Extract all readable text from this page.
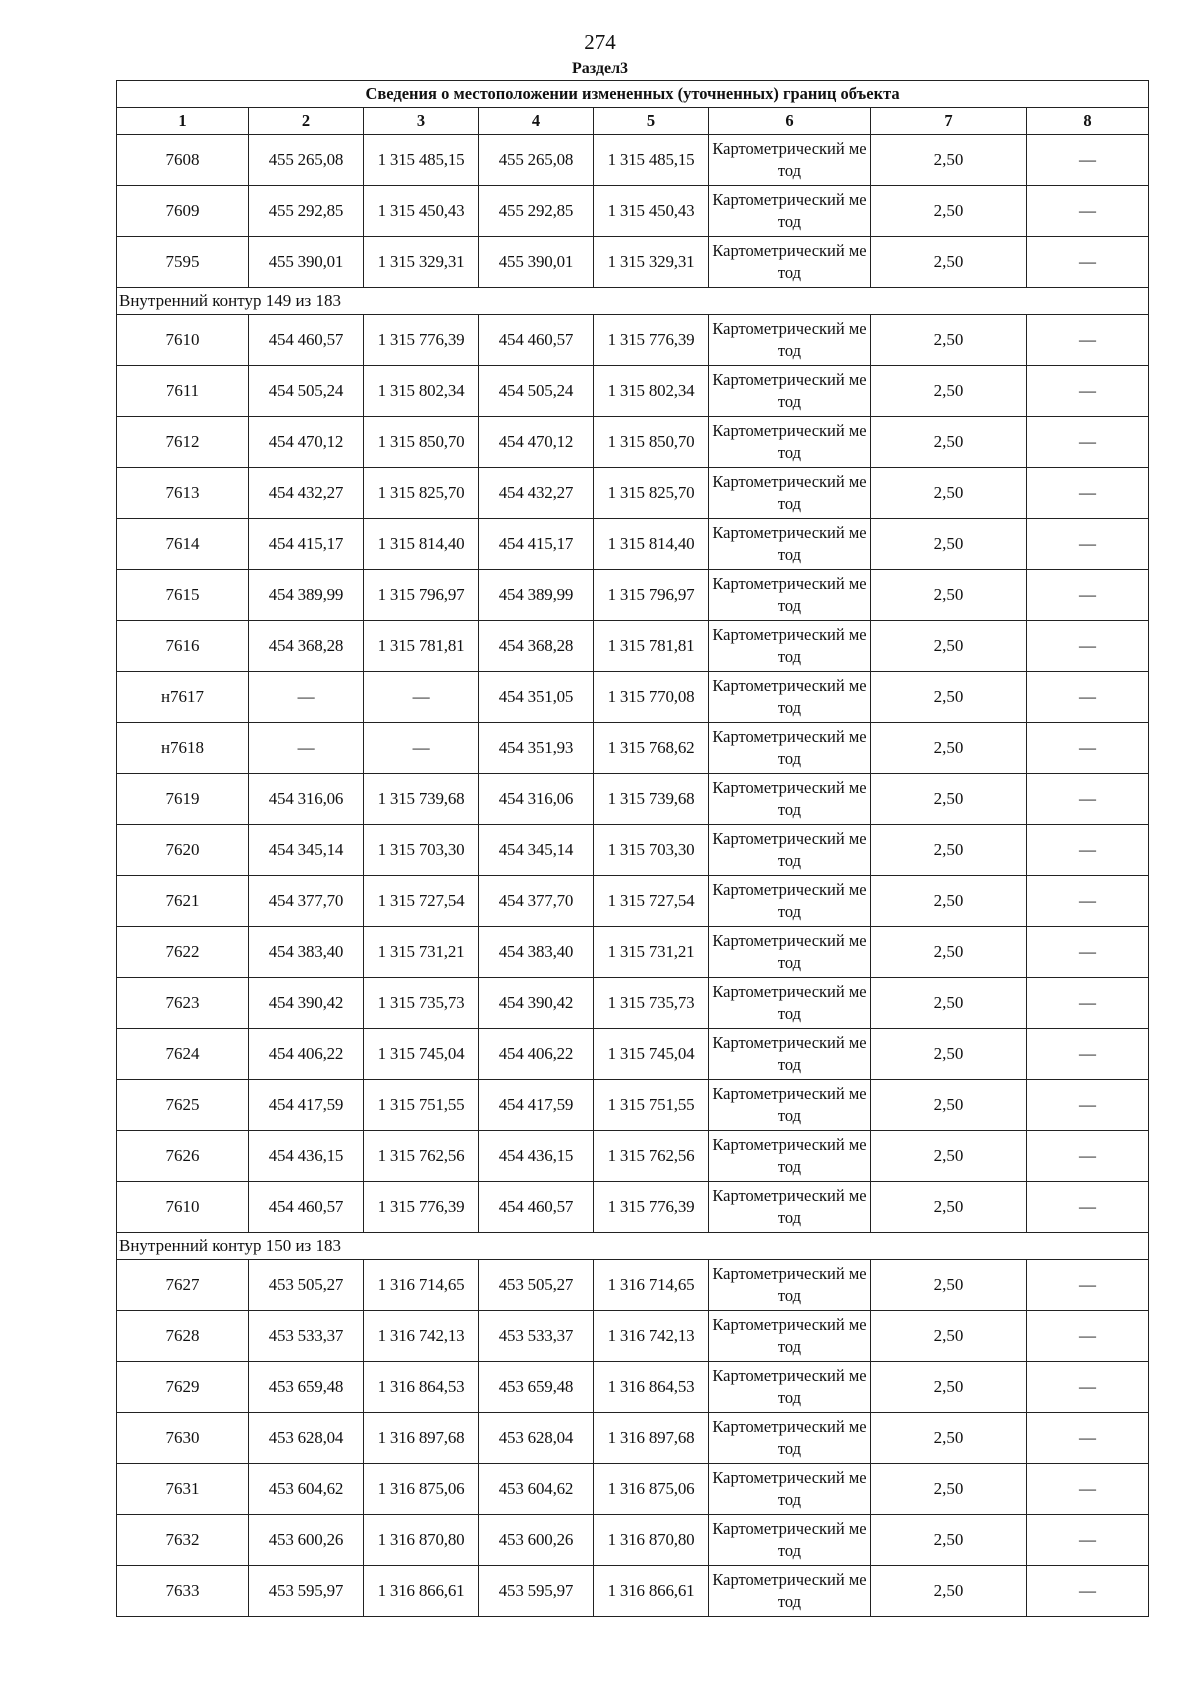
274
Раздел3
Сведения о местоположении измененных (уточненных) границ объекта							
1	2	3	4	5	6	7	8
7608	455 265,08	1 315 485,15	455 265,08	1 315 485,15	Картометрический метод	2,50	—
7609	455 292,85	1 315 450,43	455 292,85	1 315 450,43	Картометрический метод	2,50	—
7595	455 390,01	1 315 329,31	455 390,01	1 315 329,31	Картометрический метод	2,50	—
Внутренний контур 149 из 183							
7610	454 460,57	1 315 776,39	454 460,57	1 315 776,39	Картометрический метод	2,50	—
7611	454 505,24	1 315 802,34	454 505,24	1 315 802,34	Картометрический метод	2,50	—
7612	454 470,12	1 315 850,70	454 470,12	1 315 850,70	Картометрический метод	2,50	—
7613	454 432,27	1 315 825,70	454 432,27	1 315 825,70	Картометрический метод	2,50	—
7614	454 415,17	1 315 814,40	454 415,17	1 315 814,40	Картометрический метод	2,50	—
7615	454 389,99	1 315 796,97	454 389,99	1 315 796,97	Картометрический метод	2,50	—
7616	454 368,28	1 315 781,81	454 368,28	1 315 781,81	Картометрический метод	2,50	—
н7617	—	—	454 351,05	1 315 770,08	Картометрический метод	2,50	—
н7618	—	—	454 351,93	1 315 768,62	Картометрический метод	2,50	—
7619	454 316,06	1 315 739,68	454 316,06	1 315 739,68	Картометрический метод	2,50	—
7620	454 345,14	1 315 703,30	454 345,14	1 315 703,30	Картометрический метод	2,50	—
7621	454 377,70	1 315 727,54	454 377,70	1 315 727,54	Картометрический метод	2,50	—
7622	454 383,40	1 315 731,21	454 383,40	1 315 731,21	Картометрический метод	2,50	—
7623	454 390,42	1 315 735,73	454 390,42	1 315 735,73	Картометрический метод	2,50	—
7624	454 406,22	1 315 745,04	454 406,22	1 315 745,04	Картометрический метод	2,50	—
7625	454 417,59	1 315 751,55	454 417,59	1 315 751,55	Картометрический метод	2,50	—
7626	454 436,15	1 315 762,56	454 436,15	1 315 762,56	Картометрический метод	2,50	—
7610	454 460,57	1 315 776,39	454 460,57	1 315 776,39	Картометрический метод	2,50	—
Внутренний контур 150 из 183							
7627	453 505,27	1 316 714,65	453 505,27	1 316 714,65	Картометрический метод	2,50	—
7628	453 533,37	1 316 742,13	453 533,37	1 316 742,13	Картометрический метод	2,50	—
7629	453 659,48	1 316 864,53	453 659,48	1 316 864,53	Картометрический метод	2,50	—
7630	453 628,04	1 316 897,68	453 628,04	1 316 897,68	Картометрический метод	2,50	—
7631	453 604,62	1 316 875,06	453 604,62	1 316 875,06	Картометрический метод	2,50	—
7632	453 600,26	1 316 870,80	453 600,26	1 316 870,80	Картометрический метод	2,50	—
7633	453 595,97	1 316 866,61	453 595,97	1 316 866,61	Картометрический метод	2,50	—
